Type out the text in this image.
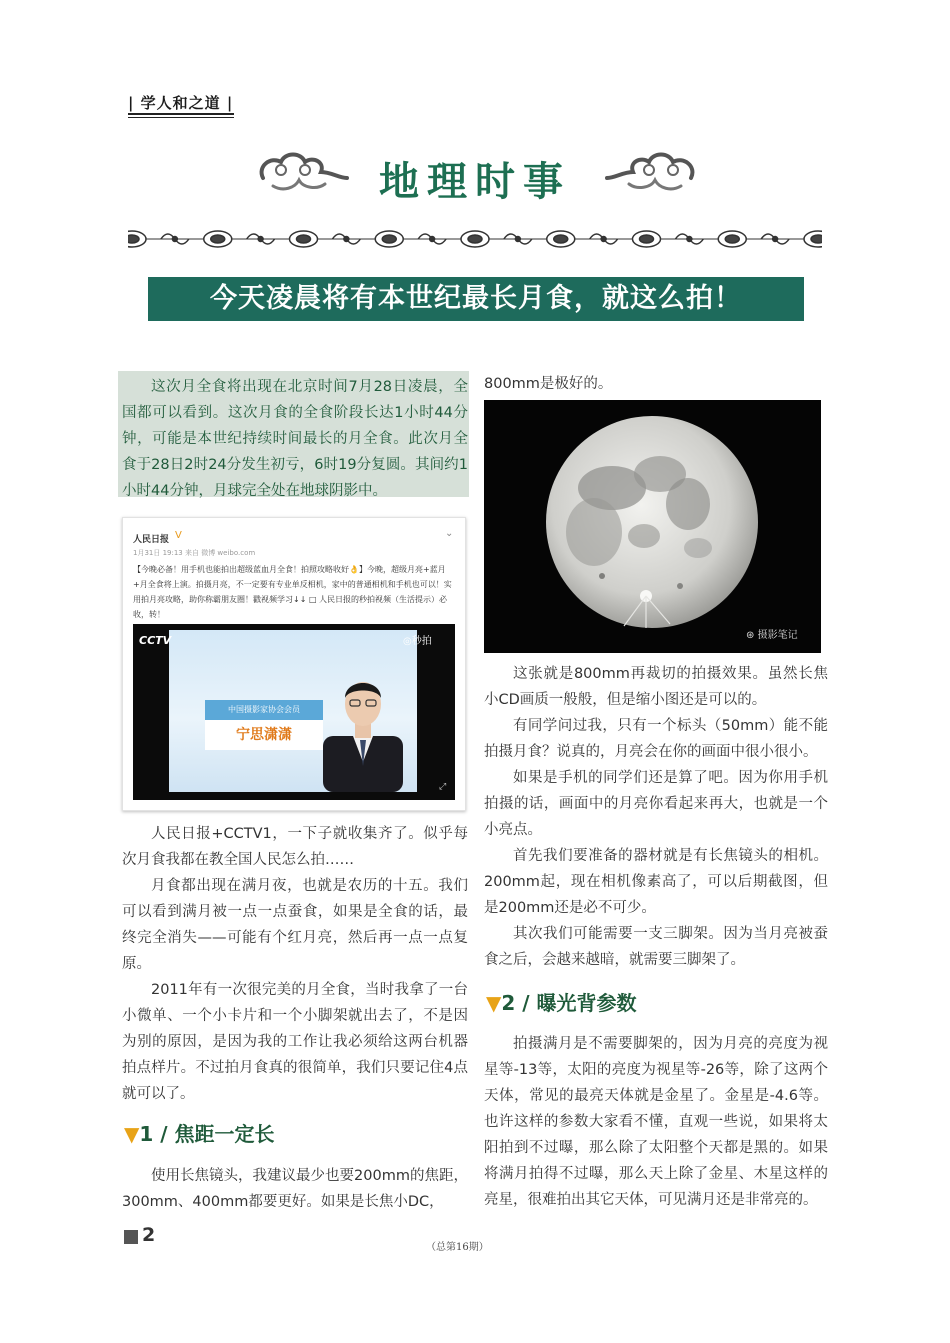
| 学人和之道 |
地理时事
今天凌晨将有本世纪最长月食，就这么拍！
这次月全食将出现在北京时间7月28日凌晨，全国都可以看到。这次月食的全食阶段长达1小时44分钟，可能是本世纪持续时间最长的月全食。此次月全食于28日2时24分发生初亏，6时19分复圆。其间约1小时44分钟，月球完全处在地球阴影中。
人民日报 V	⌄
1月31日 19:13 来自 微博 weibo.com
【今晚必备！用手机也能拍出超级蓝血月全食！拍照攻略收好👌】今晚，超级月亮+蓝月+月全食将上演。拍摄月亮，不一定要有专业单反相机，家中的普通相机和手机也可以！实用拍月亮攻略，助你称霸朋友圈！戳视频学习↓↓ □ 人民日报的秒拍视频（生活提示）必收，转！
中国摄影家协会会员
宁思潇潇
CCTV	◎秒拍
⤢
人民日报+CCTV1，一下子就收集齐了。似乎每次月食我都在教全国人民怎么拍……
月食都出现在满月夜，也就是农历的十五。我们可以看到满月被一点一点蚕食，如果是全食的话，最终完全消失——可能有个红月亮，然后再一点一点复原。
2011年有一次很完美的月全食，当时我拿了一台小微单、一个小卡片和一个小脚架就出去了，不是因为别的原因，是因为我的工作让我必须给这两台机器拍点样片。不过拍月食真的很简单，我们只要记住4点就可以了。
▼1 / 焦距一定长
使用长焦镜头，我建议最少也要200mm的焦距，300mm、400mm都要更好。如果是长焦小DC，
800mm是极好的。
⊛ 摄影笔记
这张就是800mm再裁切的拍摄效果。虽然长焦小CD画质一般般，但是缩小图还是可以的。
有同学问过我，只有一个标头（50mm）能不能拍摄月食？说真的，月亮会在你的画面中很小很小。
如果是手机的同学们还是算了吧。因为你用手机拍摄的话，画面中的月亮你看起来再大，也就是一个小亮点。
首先我们要准备的器材就是有长焦镜头的相机。200mm起，现在相机像素高了，可以后期截图，但是200mm还是必不可少。
其次我们可能需要一支三脚架。因为当月亮被蚕食之后，会越来越暗，就需要三脚架了。
▼2 / 曝光背参数
拍摄满月是不需要脚架的，因为月亮的亮度为视星等-13等，太阳的亮度为视星等-26等，除了这两个天体，常见的最亮天体就是金星了。金星是-4.6等。也许这样的参数大家看不懂，直观一些说，如果将太阳拍到不过曝，那么除了太阳整个天都是黑的。如果将满月拍得不过曝，那么天上除了金星、木星这样的亮星，很难拍出其它天体，可见满月还是非常亮的。
2
（总第16期）
